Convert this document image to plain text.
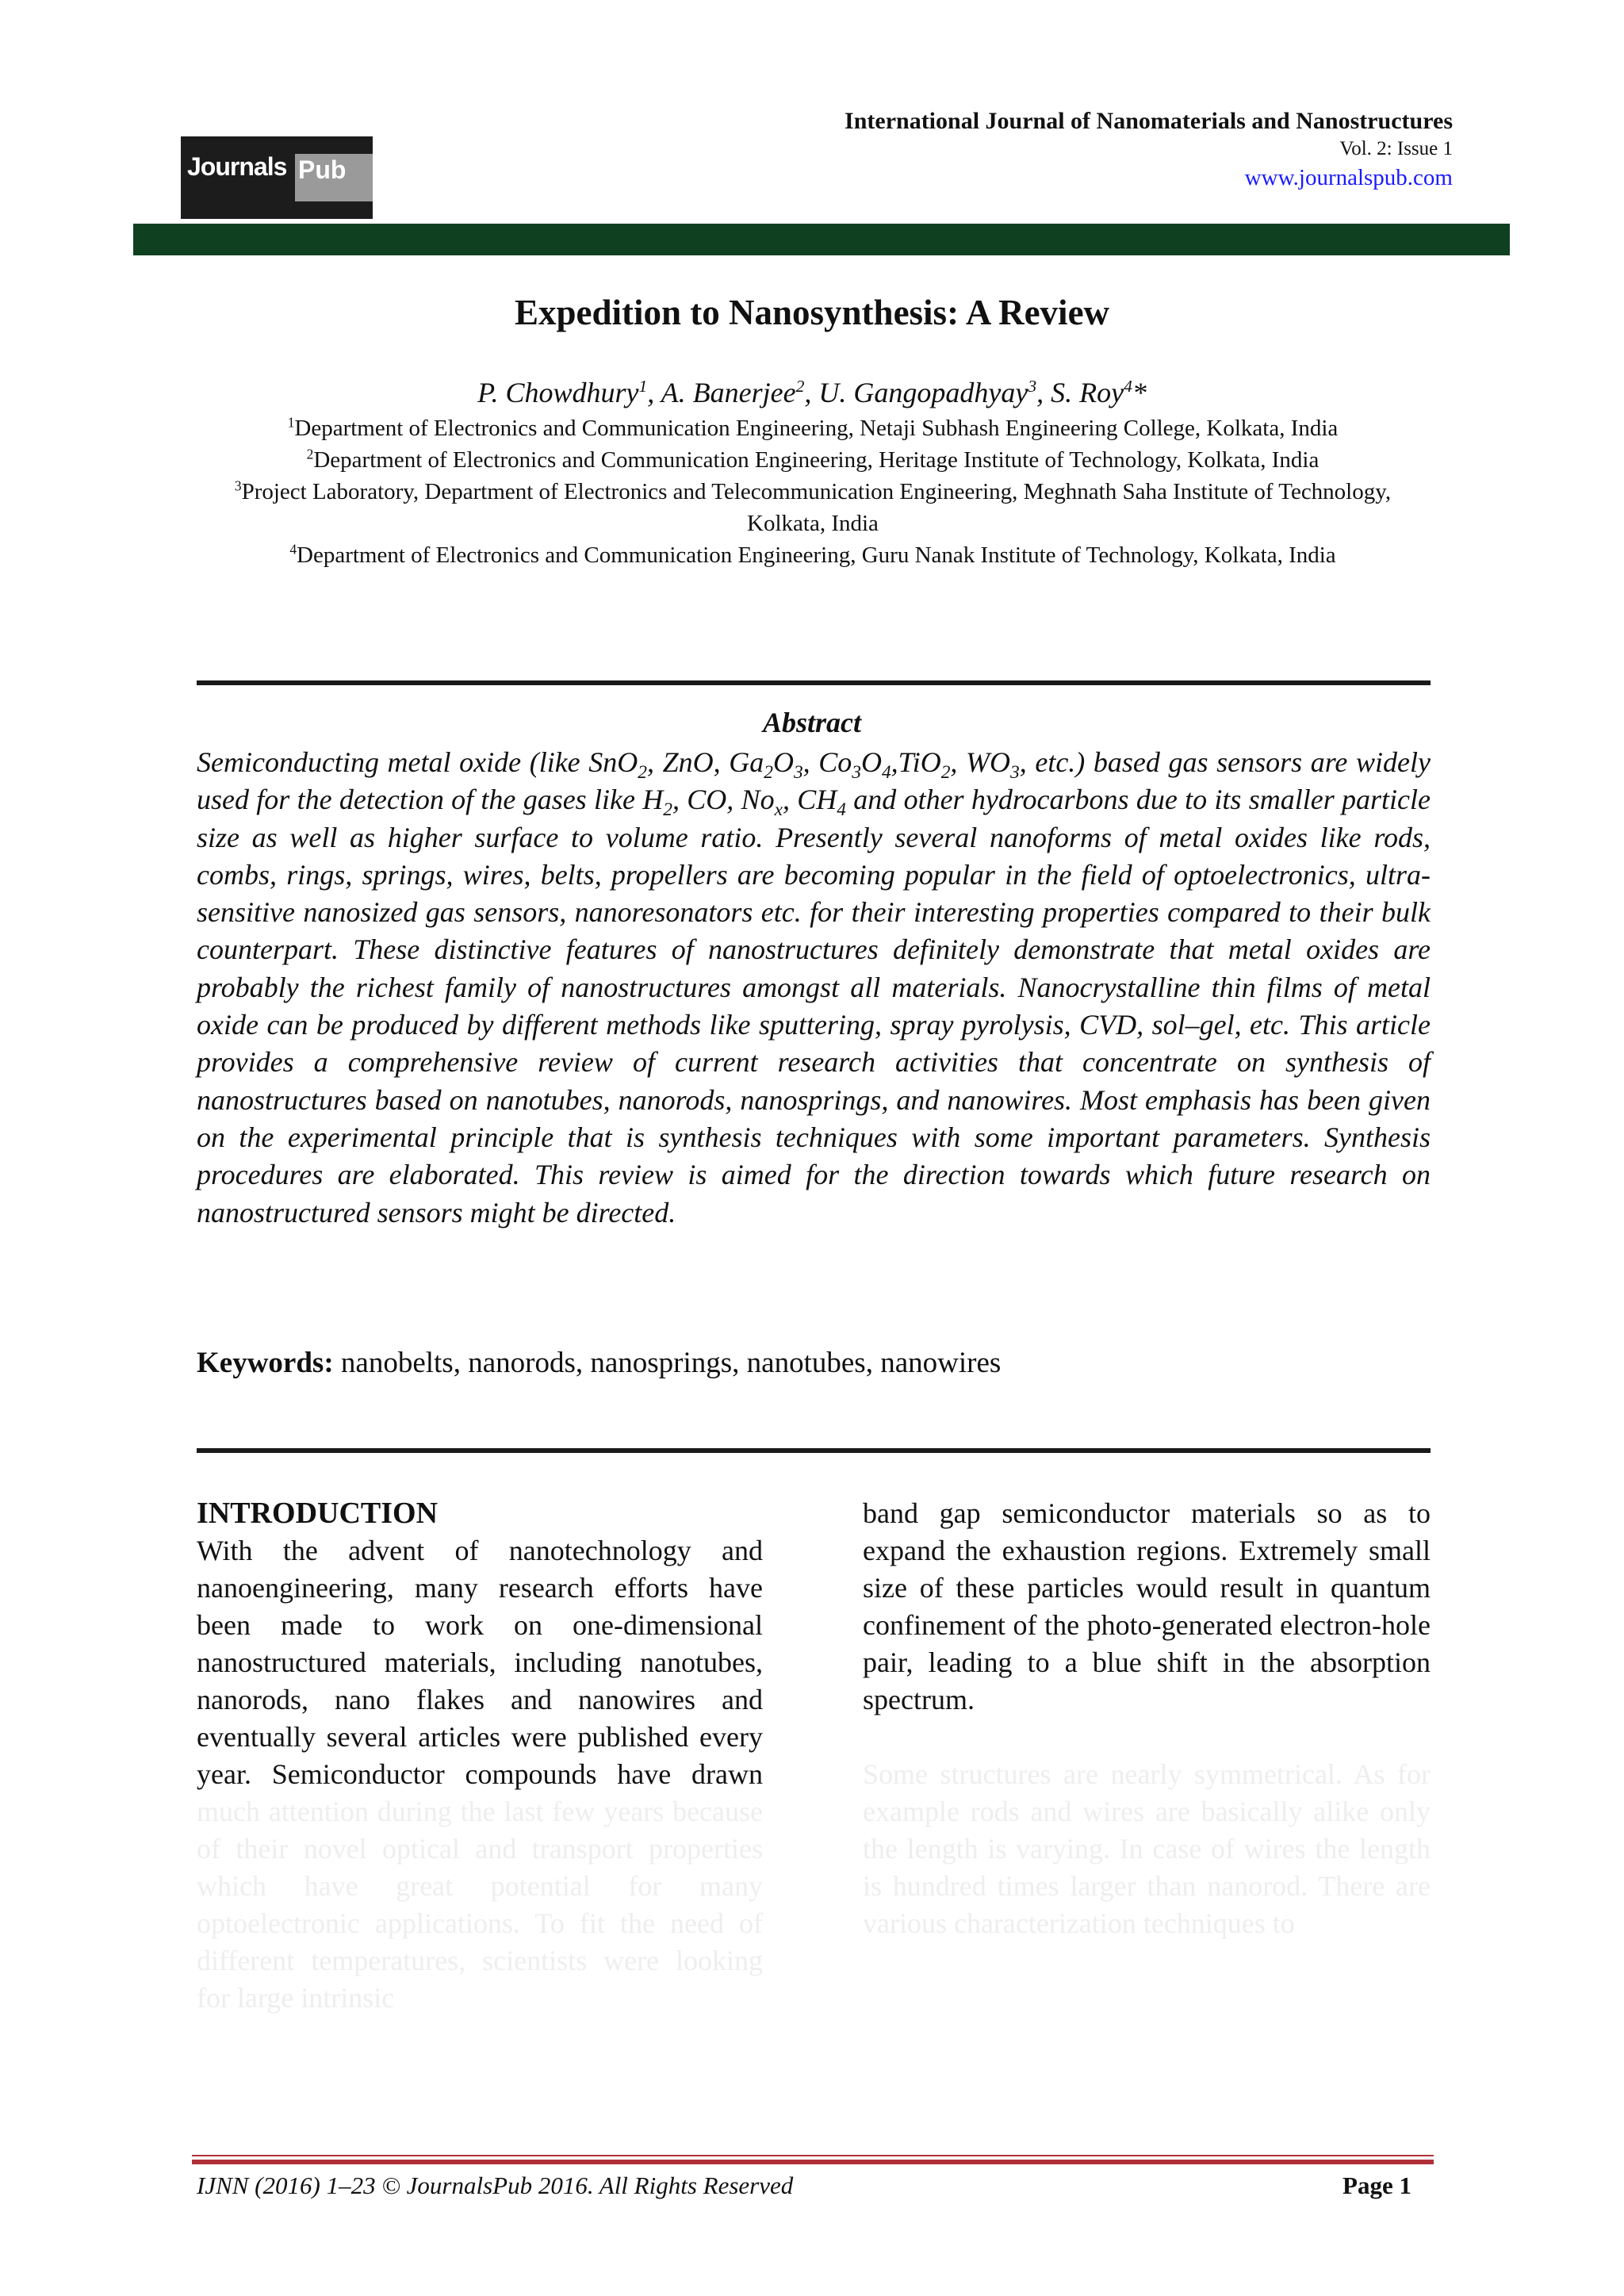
Journals Pub
International Journal of Nanomaterials and Nanostructures
Vol. 2: Issue 1
www.journalspub.com
Expedition to Nanosynthesis: A Review
P. Chowdhury$^1$, A. Banerjee$^2$, U. Gangopadhyay$^3$, S. Roy$^4$*

$^1$Department of Electronics and Communication Engineering, Netaji Subhash Engineering College, Kolkata, India

$^2$Department of Electronics and Communication Engineering, Heritage Institute of Technology, Kolkata, India

$^3$Project Laboratory, Department of Electronics and Telecommunication Engineering, Meghnath Saha Institute of Technology, Kolkata, India

$^4$Department of Electronics and Communication Engineering, Guru Nanak Institute of Technology, Kolkata, India

Abstract

Semiconducting metal oxide (like SnO$_2$, ZnO, $Ga_2O_3$, $Co_3O_4,TiO_2$, $WO_3$, etc.) based gas sensors are widely used for the detection of the gases like $H_2$, CO, $No_x$, $CH_4$ and other hydrocarbons due to its smaller particle size as well as higher surface to volume ratio. Presently several nanoforms of metal oxides like rods, combs, rings, springs, wires, belts, propellers are becoming popular in the field of optoelectronics, ultra-sensitive nanosized gas sensors, nanoresonators etc. for their interesting properties compared to their bulk counterpart. These distinctive features of nanostructures definitely demonstrate that metal oxides are probably the richest family of nanostructures amongst all materials. Nanocrystalline thin films of metal oxide can be produced by different methods like sputtering, spray pyrolysis, CVD, sol–gel, etc. This article provides a comprehensive review of current research activities that concentrate on synthesis of nanostructures based on nanotubes, nanorods, nanosprings, and nanowires. Most emphasis has been given on the experimental principle that is synthesis techniques with some important parameters. Synthesis procedures are elaborated. This review is aimed for the direction towards which future research on nanostructured sensors might be directed.

Keywords: nanobelts, nanorods, nanosprings, nanotubes, nanowires

INTRODUCTION
With the advent of nanotechnology and nanoengineering, many research efforts have been made to work on one-dimensional nanostructured materials, including nanotubes, nanorods, nano flakes and nanowires and eventually several articles were published every year. Semiconductor compounds have drawn much attention during the last few years because of their novel optical and transport properties which have great potential for many optoelectronic applications. To fit the need of different temperatures, scientists were looking for large intrinsic

band gap semiconductor materials so as to expand the exhaustion regions. Extremely small size of these particles would result in quantum confinement of the photo-generated electron-hole pair, leading to a blue shift in the absorption spectrum.

Some structures are nearly symmetrical. As for example rods and wires are basically alike only the length is varying. In case of wires the length is hundred times larger than nanorod. There are various characterization techniques to

IJNN (2016) 1–23 © JournalsPub 2016. All Rights Reserved	Page 1
